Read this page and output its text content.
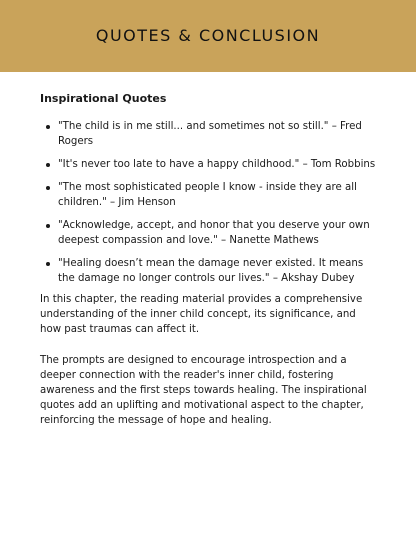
QUOTES & CONCLUSION
Inspirational Quotes
"The child is in me still... and sometimes not so still." – Fred Rogers
"It's never too late to have a happy childhood." – Tom Robbins
"The most sophisticated people I know - inside they are all children." – Jim Henson
"Acknowledge, accept, and honor that you deserve your own deepest compassion and love." – Nanette Mathews
"Healing doesn’t mean the damage never existed. It means the damage no longer controls our lives." – Akshay Dubey

In this chapter, the reading material provides a comprehensive understanding of the inner child concept, its significance, and how past traumas can affect it.

The prompts are designed to encourage introspection and a deeper connection with the reader's inner child, fostering awareness and the first steps towards healing. The inspirational quotes add an uplifting and motivational aspect to the chapter, reinforcing the message of hope and healing.
